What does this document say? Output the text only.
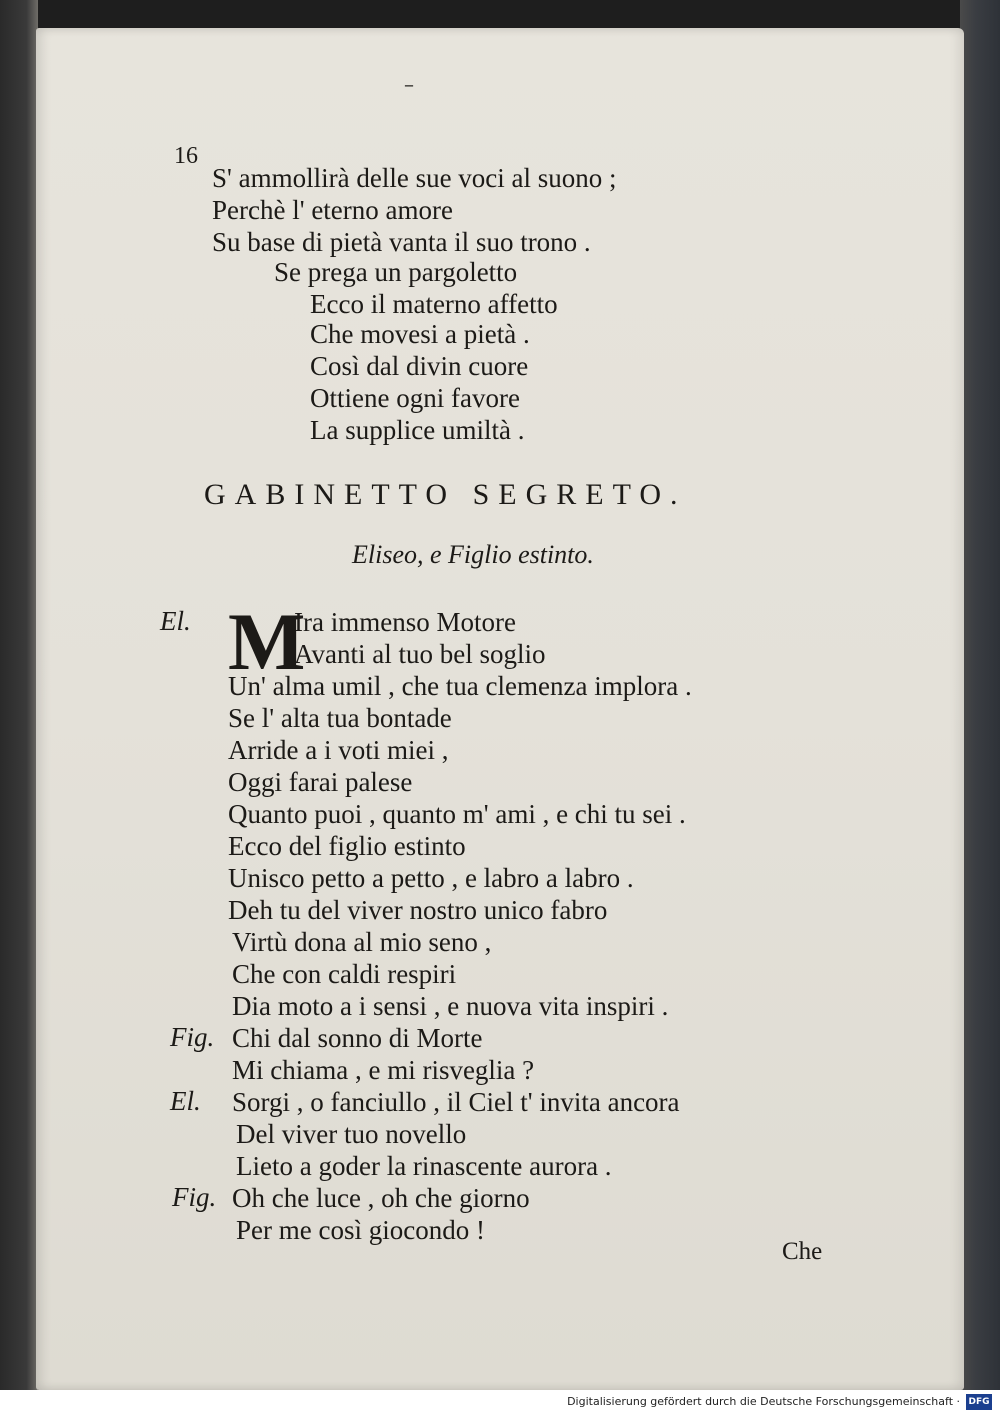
–
16
S' ammollirà delle sue voci al suono ;
Perchè l' eterno amore
Su base di pietà vanta il suo trono .
Se prega un pargoletto
Ecco il materno affetto
Che movesi a pietà .
Così dal divin cuore
Ottiene ogni favore
La supplice umiltà .
GABINETTO SEGRETO.
Eliseo, e Figlio estinto.
M
El.	Ira immenso Motore
Avanti al tuo bel soglio
Un' alma umil , che tua clemenza implora .
Se l' alta tua bontade
Arride a i voti miei ,
Oggi farai palese
Quanto puoi , quanto m' ami , e chi tu sei .
Ecco del figlio estinto
Unisco petto a petto , e labro a labro .
Deh tu del viver nostro unico fabro
Virtù dona al mio seno ,
Che con caldi respiri
Dia moto a i sensi , e nuova vita inspiri .
Fig. Chi dal sonno di Morte
Mi chiama , e mi risveglia ?
El. Sorgi , o fanciullo , il Ciel t' invita ancora
Del viver tuo novello
Lieto a goder la rinascente aurora .
Fig. Oh che luce , oh che giorno
Per me così giocondo !
Che
Digitalisierung gefördert durch die Deutsche Forschungsgemeinschaft · DFG
